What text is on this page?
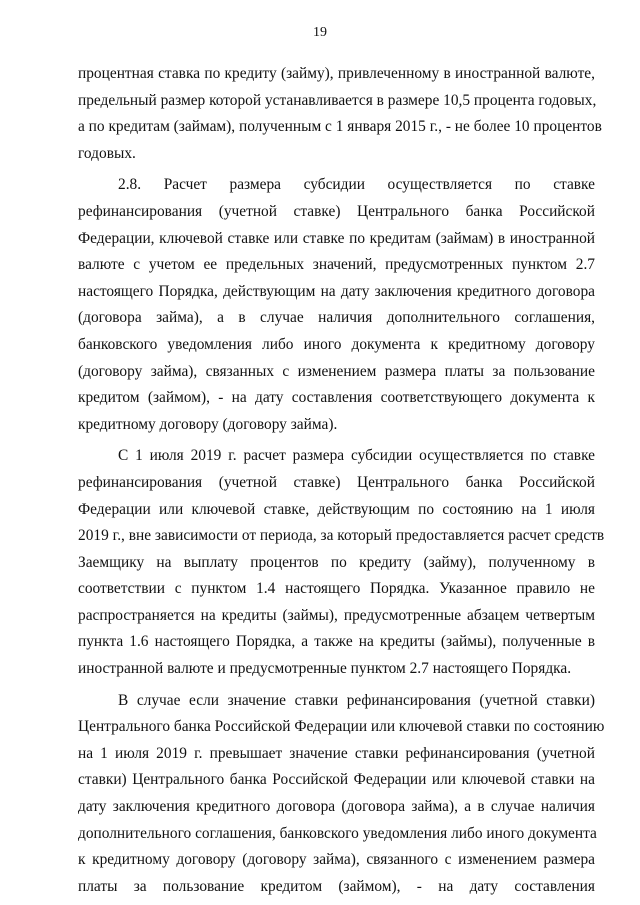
19
процентная ставка по кредиту (займу), привлеченному в иностранной валюте,
предельный размер которой устанавливается в размере 10,5 процента годовых,
а по кредитам (займам), полученным с 1 января 2015 г., - не более 10 процентов
годовых.
2.8. Расчет размера субсидии осуществляется по ставке
рефинансирования (учетной ставке) Центрального банка Российской
Федерации, ключевой ставке или ставке по кредитам (займам) в иностранной
валюте с учетом ее предельных значений, предусмотренных пунктом 2.7
настоящего Порядка, действующим на дату заключения кредитного договора
(договора займа), а в случае наличия дополнительного соглашения,
банковского уведомления либо иного документа к кредитному договору
(договору займа), связанных с изменением размера платы за пользование
кредитом (займом), - на дату составления соответствующего документа к
кредитному договору (договору займа).
С 1 июля 2019 г. расчет размера субсидии осуществляется по ставке
рефинансирования (учетной ставке) Центрального банка Российской
Федерации или ключевой ставке, действующим по состоянию на 1 июля
2019 г., вне зависимости от периода, за который предоставляется расчет средств
Заемщику на выплату процентов по кредиту (займу), полученному в
соответствии с пунктом 1.4 настоящего Порядка. Указанное правило не
распространяется на кредиты (займы), предусмотренные абзацем четвертым
пункта 1.6 настоящего Порядка, а также на кредиты (займы), полученные в
иностранной валюте и предусмотренные пунктом 2.7 настоящего Порядка.
В случае если значение ставки рефинансирования (учетной ставки)
Центрального банка Российской Федерации или ключевой ставки по состоянию
на 1 июля 2019 г. превышает значение ставки рефинансирования (учетной
ставки) Центрального банка Российской Федерации или ключевой ставки на
дату заключения кредитного договора (договора займа), а в случае наличия
дополнительного соглашения, банковского уведомления либо иного документа
к кредитному договору (договору займа), связанного с изменением размера
платы за пользование кредитом (займом), - на дату составления
